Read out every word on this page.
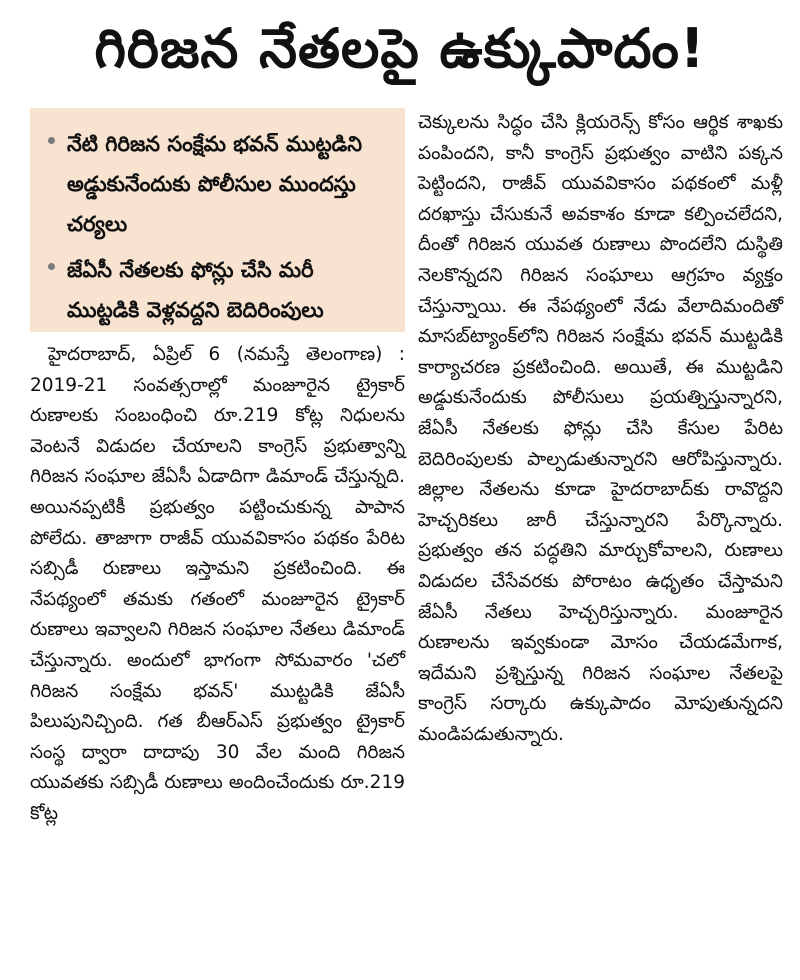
గిరిజన నేతలపై ఉక్కుపాదం!
నేటి గిరిజన సంక్షేమ భవన్ ముట్టడిని అడ్డుకునేందుకు పోలీసుల ముందస్తు చర్యలు
జేఏసీ నేతలకు ఫోన్లు చేసి మరీ ముట్టడికి వెళ్లవద్దని బెదిరింపులు

హైదరాబాద్, ఏప్రిల్ 6 (నమస్తే తెలంగాణ) : 2019-21 సంవత్సరాల్లో మంజూరైన ట్రైకార్ రుణాలకు సంబంధించి రూ.219 కోట్ల నిధులను వెంటనే విడుదల చేయాలని కాంగ్రెస్ ప్రభుత్వాన్ని గిరిజన సంఘాల జేఏసీ ఏడాదిగా డిమాండ్ చేస్తున్నది. అయినప్పటికీ ప్రభుత్వం పట్టించుకున్న పాపాన పోలేదు. తాజాగా రాజీవ్ యువవికాసం పథకం పేరిట సబ్సిడీ రుణాలు ఇస్తామని ప్రకటించింది. ఈ నేపథ్యంలో తమకు గతంలో మంజూరైన ట్రైకార్ రుణాలు ఇవ్వాలని గిరిజన సంఘాల నేతలు డిమాండ్ చేస్తున్నారు. అందులో భాగంగా సోమవారం 'చలో గిరిజన సంక్షేమ భవన్' ముట్టడికి జేఏసీ పిలుపునిచ్చింది. గత బీఆర్ఎస్ ప్రభుత్వం ట్రైకార్ సంస్థ ద్వారా దాదాపు 30 వేల మంది గిరిజన యువతకు సబ్సిడీ రుణాలు అందించేందుకు రూ.219 కోట్ల

చెక్కులను సిద్ధం చేసి క్లియరెన్స్ కోసం ఆర్థిక శాఖకు పంపిందని, కానీ కాంగ్రెస్ ప్రభుత్వం వాటిని పక్కన పెట్టిందని, రాజీవ్ యువవికాసం పథకంలో మళ్లీ దరఖాస్తు చేసుకునే అవకాశం కూడా కల్పించలేదని, దీంతో గిరిజన యువత రుణాలు పొందలేని దుస్థితి నెలకొన్నదని గిరిజన సంఘాలు ఆగ్రహం వ్యక్తం చేస్తున్నాయి. ఈ నేపథ్యంలో నేడు వేలాదిమందితో మాసబ్‌ట్యాంక్‌లోని గిరిజన సంక్షేమ భవన్ ముట్టడికి కార్యాచరణ ప్రకటించింది. అయితే, ఈ ముట్టడిని అడ్డుకునేందుకు పోలీసులు ప్రయత్నిస్తున్నారని, జేఏసీ నేతలకు ఫోన్లు చేసి కేసుల పేరిట బెదిరింపులకు పాల్పడుతున్నారని ఆరోపిస్తున్నారు. జిల్లాల నేతలను కూడా హైదరాబాద్‌కు రావొద్దని హెచ్చరికలు జారీ చేస్తున్నారని పేర్కొన్నారు. ప్రభుత్వం తన పద్ధతిని మార్చుకోవాలని, రుణాలు విడుదల చేసేవరకు పోరాటం ఉధృతం చేస్తామని జేఏసీ నేతలు హెచ్చరిస్తున్నారు. మంజూరైన రుణాలను ఇవ్వకుండా మోసం చేయడమేగాక, ఇదేమని ప్రశ్నిస్తున్న గిరిజన సంఘాల నేతలపై కాంగ్రెస్ సర్కారు ఉక్కుపాదం మోపుతున్నదని మండిపడుతున్నారు.
